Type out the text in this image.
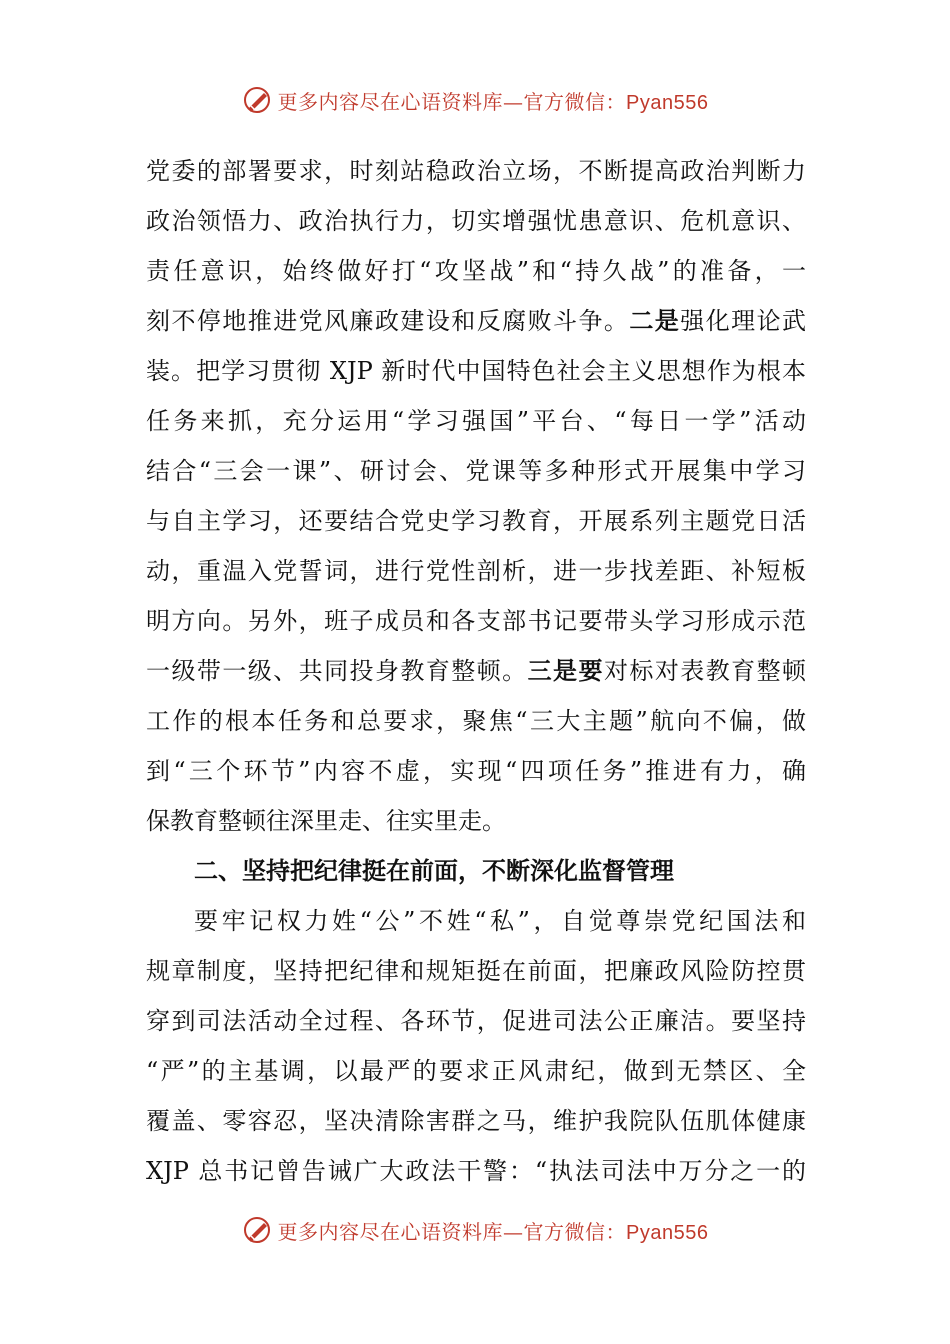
更多内容尽在心语资料库—官方微信：Pyan556
党委的部署要求，时刻站稳政治立场，不断提高政治判断力
政治领悟力、政治执行力，切实增强忧患意识、危机意识、
责任意识，始终做好打“攻坚战”和“持久战”的准备，一
刻不停地推进党风廉政建设和反腐败斗争。二是强化理论武
装。把学习贯彻 XJP 新时代中国特色社会主义思想作为根本
任务来抓，充分运用“学习强国”平台、“每日一学”活动
结合“三会一课”、研讨会、党课等多种形式开展集中学习
与自主学习，还要结合党史学习教育，开展系列主题党日活
动，重温入党誓词，进行党性剖析，进一步找差距、补短板
明方向。另外，班子成员和各支部书记要带头学习形成示范
一级带一级、共同投身教育整顿。三是要对标对表教育整顿
工作的根本任务和总要求，聚焦“三大主题”航向不偏，做
到“三个环节”内容不虚，实现“四项任务”推进有力，确
保教育整顿往深里走、往实里走。
二、坚持把纪律挺在前面，不断深化监督管理
要牢记权力姓“公”不姓“私”，自觉尊崇党纪国法和
规章制度，坚持把纪律和规矩挺在前面，把廉政风险防控贯
穿到司法活动全过程、各环节，促进司法公正廉洁。要坚持
“严”的主基调，以最严的要求正风肃纪，做到无禁区、全
覆盖、零容忍，坚决清除害群之马，维护我院队伍肌体健康
XJP 总书记曾告诫广大政法干警：“执法司法中万分之一的
更多内容尽在心语资料库—官方微信：Pyan556
